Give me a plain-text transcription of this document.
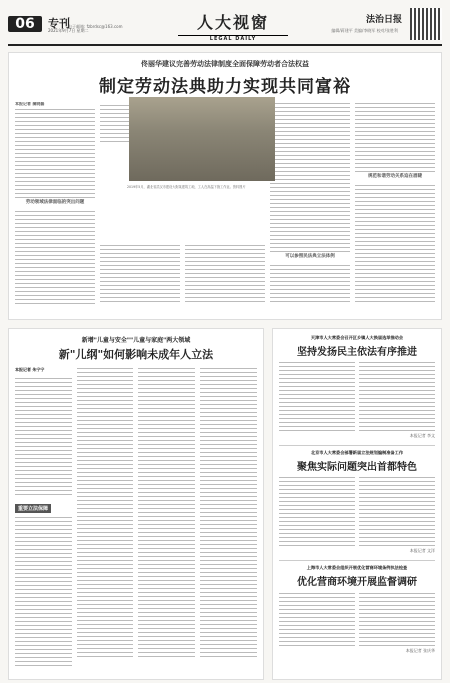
06	专刊
电子邮箱: fzbrdsc@163.com
2021年9月7日 星期二	人大视窗
LEGAL DAILY
法治日报
编辑/蒋建平 美编/李晓军 校对/张胜利
佟丽华建议完善劳动法律制度全面保障劳动者合法权益
制定劳动法典助力实现共同富裕
本报记者 蒲晓磊
劳动领域法律面临的突出问题
可以参照民法典立法体例
规范和谐劳动关系迫在眉睫
2019年5月，湖北省武汉市建设大街某建筑工地，工人在高温下施工作业。资料图片
新增"儿童与安全""儿童与家庭"两大领域
新"儿纲"如何影响未成年人立法
本报记者 朱宁宁
重要立法保障
天津市人大常委会召开区乡镇人大换届选举推动会
坚持发扬民主依法有序推进
本报记者 李文
北京市人大常委会部署新届立法规划编制准备工作
聚焦实际问题突出首都特色
本报记者 文洋
上海市人大常委会组织开展优化营商环境条例执法检查
优化营商环境开展监督调研
本报记者 张庆华
